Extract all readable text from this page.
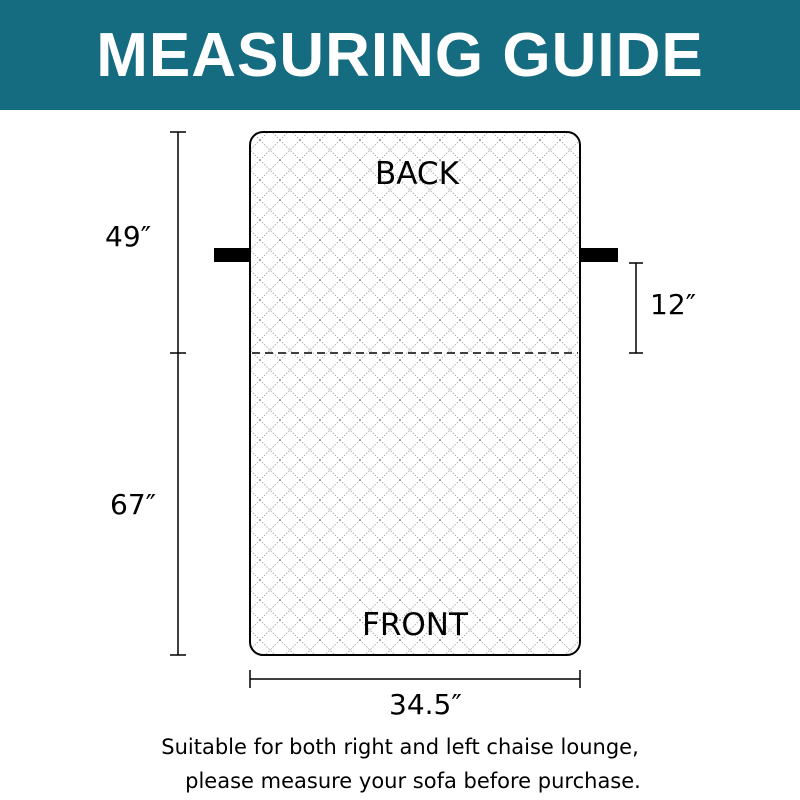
MEASURING GUIDE
BACK
FRONT
49″
67″
12″
34.5″
Suitable for both right and left chaise lounge,
please measure your sofa before purchase.
